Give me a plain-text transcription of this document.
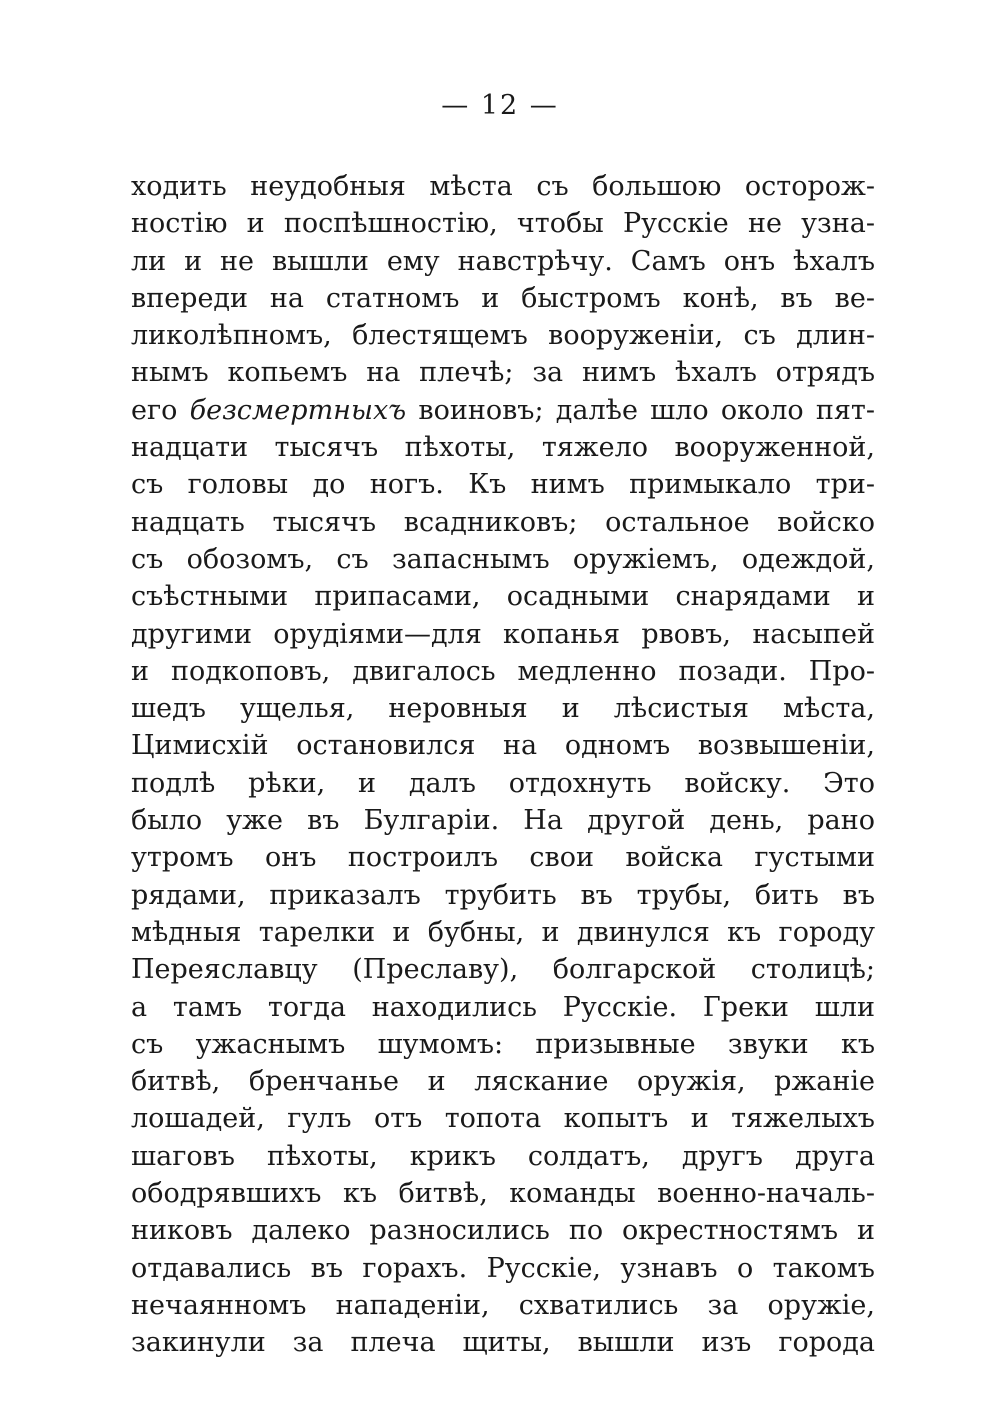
— 12 —
ходить неудобныя мѣста съ большою осторож-
ностію и поспѣшностію, чтобы Русскіе не узна-
ли и не вышли ему навстрѣчу. Самъ онъ ѣхалъ
впереди на статномъ и быстромъ конѣ, въ ве-
ликолѣпномъ, блестящемъ вооруженіи, съ длин-
нымъ копьемъ на плечѣ; за нимъ ѣхалъ отрядъ
его безсмертныхъ воиновъ; далѣе шло около пят-
надцати тысячъ пѣхоты, тяжело вооруженной,
съ головы до ногъ. Къ нимъ примыкало три-
надцать тысячъ всадниковъ; остальное войско
съ обозомъ, съ запаснымъ оружіемъ, одеждой,
съѣстными припасами, осадными снарядами и
другими орудіями—для копанья рвовъ, насыпей
и подкоповъ, двигалось медленно позади. Про-
шедъ ущелья, неровныя и лѣсистыя мѣста,
Цимисхій остановился на одномъ возвышеніи,
подлѣ рѣки, и далъ отдохнуть войску. Это
было уже въ Булгаріи. На другой день, рано
утромъ онъ построилъ свои войска густыми
рядами, приказалъ трубить въ трубы, бить въ
мѣдныя тарелки и бубны, и двинулся къ городу
Переяславцу (Преславу), болгарской столицѣ;
а тамъ тогда находились Русскіе. Греки шли
съ ужаснымъ шумомъ: призывные звуки къ
битвѣ, бренчанье и ляскание оружія, ржаніе
лошадей, гулъ отъ топота копытъ и тяжелыхъ
шаговъ пѣхоты, крикъ солдатъ, другъ друга
ободрявшихъ къ битвѣ, команды военно-началь-
никовъ далеко разносились по окрестностямъ и
отдавались въ горахъ. Русскіе, узнавъ о такомъ
нечаянномъ нападеніи, схватились за оружіе,
закинули за плеча щиты, вышли изъ города
